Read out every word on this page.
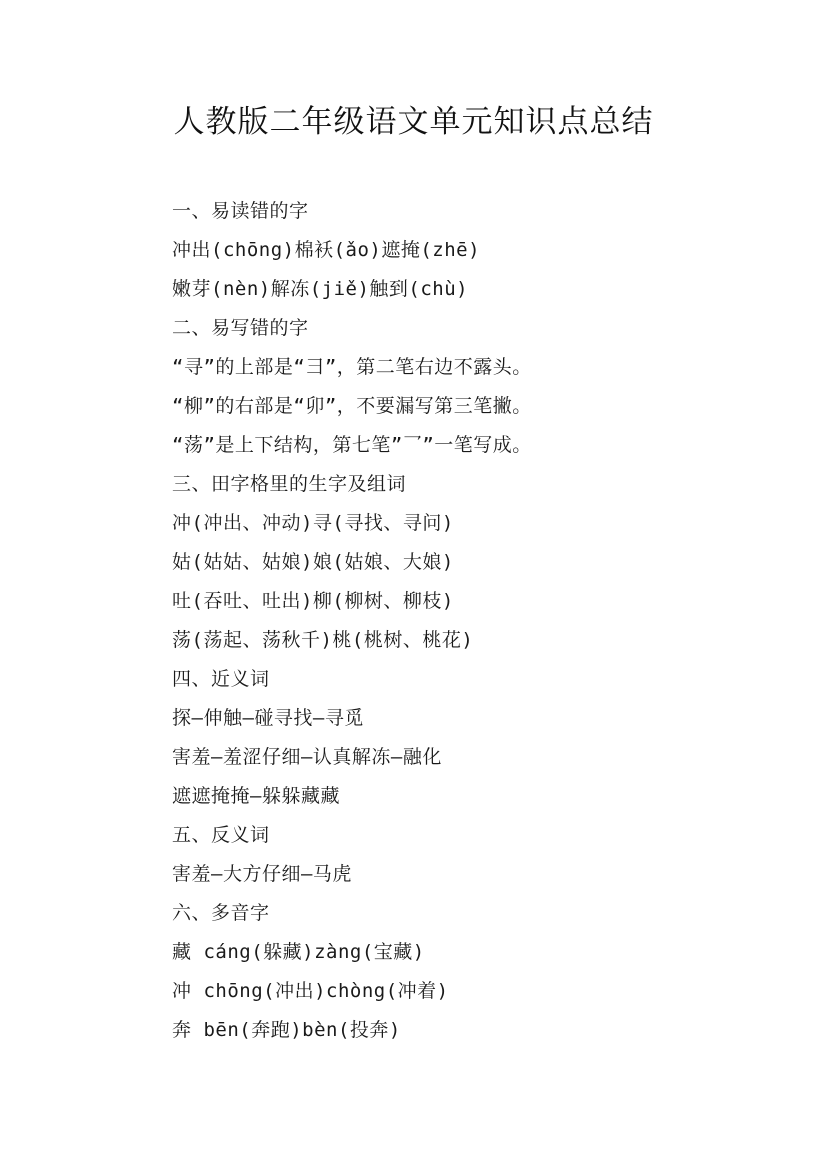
人教版二年级语文单元知识点总结
一、易读错的字
冲出(chōng)棉袄(ǎo)遮掩(zhē)
嫩芽(nèn)解冻(jiě)触到(chù)
二、易写错的字
“寻”的上部是“彐”，第二笔右边不露头。
“柳”的右部是“卯”，不要漏写第三笔撇。
“荡”是上下结构，第七笔”乛”一笔写成。
三、田字格里的生字及组词
冲(冲出、冲动)寻(寻找、寻问)
姑(姑姑、姑娘)娘(姑娘、大娘)
吐(吞吐、吐出)柳(柳树、柳枝)
荡(荡起、荡秋千)桃(桃树、桃花)
四、近义词
探—伸触—碰寻找—寻觅
害羞—羞涩仔细—认真解冻—融化
遮遮掩掩—躲躲藏藏
五、反义词
害羞—大方仔细—马虎
六、多音字
藏 cáng(躲藏)zàng(宝藏)
冲 chōng(冲出)chòng(冲着)
奔 bēn(奔跑)bèn(投奔)
